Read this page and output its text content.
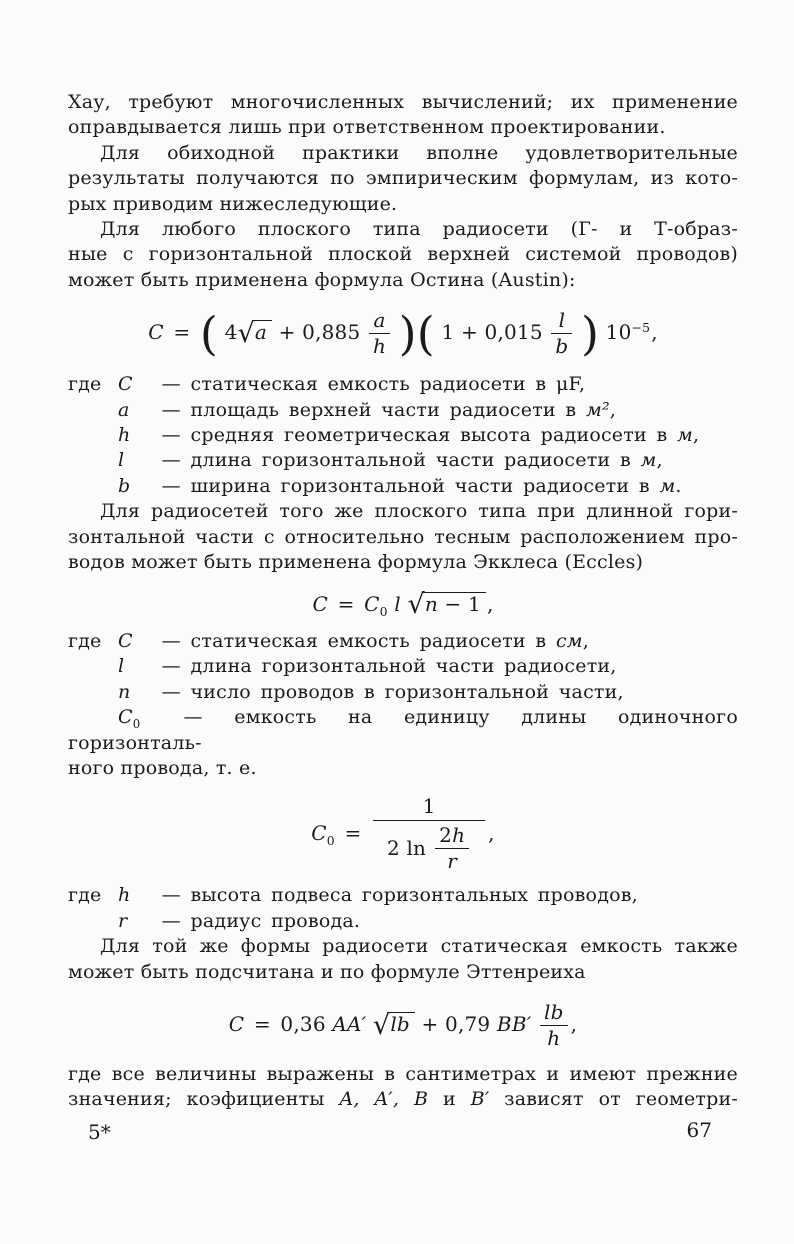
Хау, требуют многочисленных вычислений; их применение
оправдывается лишь при ответственном проектировании.

Для обиходной практики вполне удовлетворительные
результаты получаются по эмпирическим формулам, из кото-
рых приводим нижеследующие.

Для любого плоского типа радиосети (Г- и Т-образ-
ные с горизонтальной плоской верхней системой проводов)
может быть применена формула Остина (Austin):

C = ( $4√a + 0,885 \frac{a}{h}$ )( $1 + 0,015 \frac{l}{b}$ ) $10^{-5}$,
где C — статическая емкость радиосети в μF,
a — площадь верхней части радиосети в м²,
h — средняя геометрическая высота радиосети в м,
l — длина горизонтальной части радиосети в м,
b — ширина горизонтальной части радиосети в м.

Для радиосетей того же плоского типа при длинной гори-
зонтальной части с относительно тесным расположением про-
водов может быть применена формула Экклеса (Eccles)

$C = C_0$ l √n − 1 ,
где C — статическая емкость радиосети в см,
l — длина горизонтальной части радиосети,
n — число проводов в горизонтальной части,
$C_0$ — емкость на единицу длины одиночного горизонталь-
ного провода, т. е.
$C_0 = \frac{1}{2 \ln \frac{2h}{r}}$ ,
где h — высота подвеса горизонтальных проводов,
r — радиус провода.

Для той же формы радиосети статическая емкость также
может быть подсчитана и по формуле Эттенреиха

C = 0,36 AA′ √lb + 0,79 $BB' \frac{lb}{h}$ ,

где все величины выражены в сантиметрах и имеют прежние
значения; коэфициенты A, A′, B и B′ зависят от геометри-

5*	67
